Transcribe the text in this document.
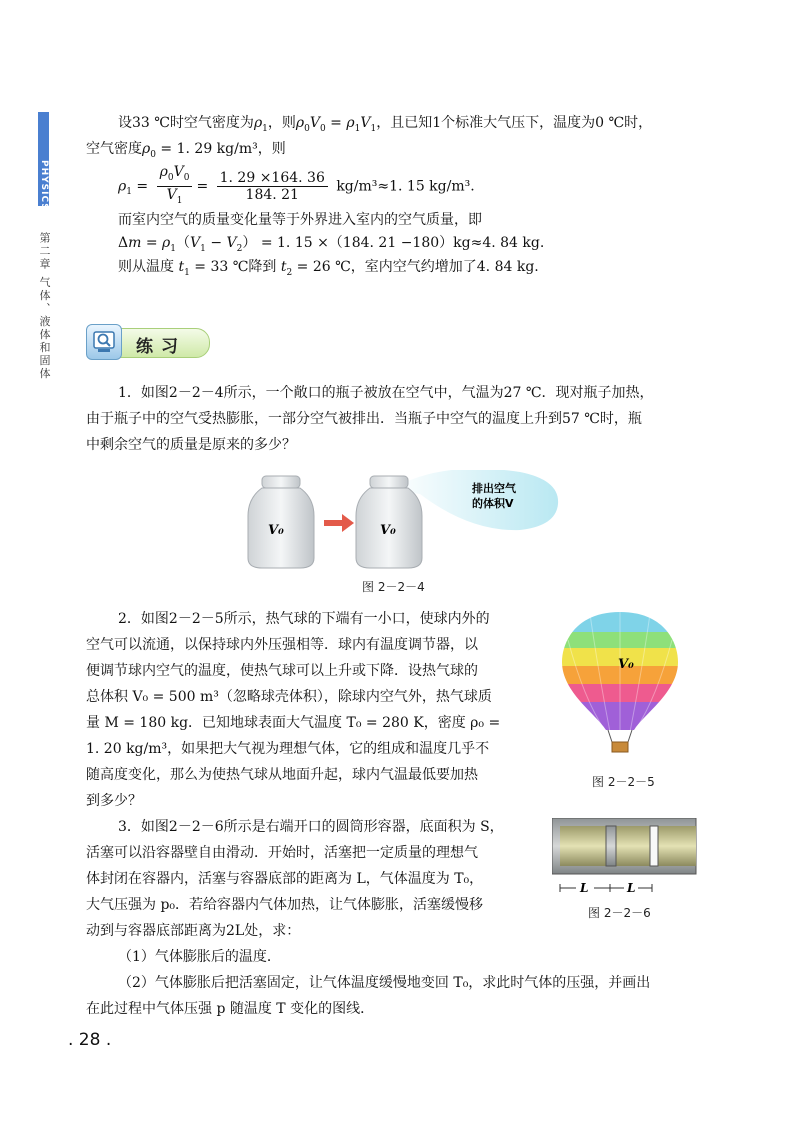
PHYSICS
第二章 气体、液体和固体
设33 ℃时空气密度为$\rho_1$，则$\rho_0V_0 = \rho_1V_1$，且已知1个标准大气压下，温度为0 ℃时，
空气密度$\rho_0 = 1$. 29 kg/m³，则
$\rho_1 = \frac{\rho_0V_0}{V_1} = \frac{1. 29 \times 164. 36}{184. 21} kg/m^3\approx 1$. 15 kg/m³.
而室内空气的质量变化量等于外界进入室内的空气质量，即
$\Delta m = \rho_1(V_1 - V_2) = 1$. 15 ×（184. 21 −180）kg≈4. 84 kg.
则从温度 $t_1 = 33$ ℃降到 $t_2 = 26$ ℃，室内空气约增加了4. 84 kg.
练习
1．如图2－2－4所示，一个敞口的瓶子被放在空气中，气温为27 ℃．现对瓶子加热，
由于瓶子中的空气受热膨胀，一部分空气被排出．当瓶子中空气的温度上升到57 ℃时，瓶
中剩余空气的质量是原来的多少？
V₀	V₀
排出空气
的体积V
图 2－2－4
2．如图2－2－5所示，热气球的下端有一小口，使球内外的
空气可以流通，以保持球内外压强相等．球内有温度调节器，以
便调节球内空气的温度，使热气球可以上升或下降．设热气球的
总体积 V₀ = 500 m³（忽略球壳体积），除球内空气外，热气球质
量 M = 180 kg．已知地球表面大气温度 T₀ = 280 K，密度 ρ₀ =
1. 20 kg/m³，如果把大气视为理想气体，它的组成和温度几乎不
随高度变化，那么为使热气球从地面升起，球内气温最低要加热
到多少？
V₀
图 2－2－5
3．如图2－2－6所示是右端开口的圆筒形容器，底面积为 S，
活塞可以沿容器壁自由滑动．开始时，活塞把一定质量的理想气
体封闭在容器内，活塞与容器底部的距离为 L，气体温度为 T₀，
大气压强为 p₀．若给容器内气体加热，让气体膨胀，活塞缓慢移
动到与容器底部距离为2L处，求：
（1）气体膨胀后的温度．
（2）气体膨胀后把活塞固定，让气体温度缓慢地变回 T₀，求此时气体的压强，并画出
在此过程中气体压强 p 随温度 T 变化的图线．
L	L
图 2－2－6
. 28 .
